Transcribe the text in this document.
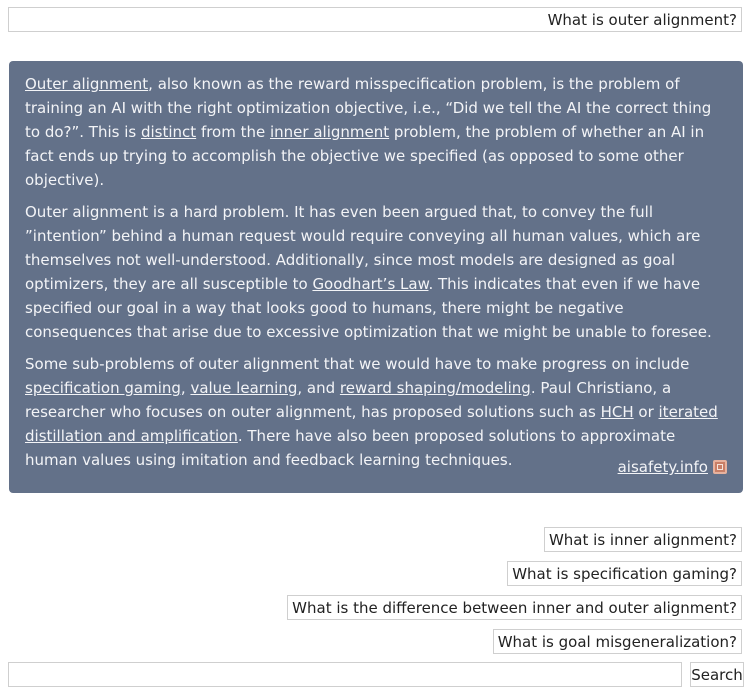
What is outer alignment?

Outer alignment, also known as the reward misspecification problem, is the problem of training an AI with the right optimization objective, i.e., “Did we tell the AI the correct thing to do?”. This is distinct from the inner alignment problem, the problem of whether an AI in fact ends up trying to accomplish the objective we specified (as opposed to some other objective).

Outer alignment is a hard problem. It has even been argued that, to convey the full ”intention” behind a human request would require conveying all human values, which are themselves not well-understood. Additionally, since most models are designed as goal optimizers, they are all susceptible to Goodhart’s Law. This indicates that even if we have specified our goal in a way that looks good to humans, there might be negative consequences that arise due to excessive optimization that we might be unable to foresee.

Some sub-problems of outer alignment that we would have to make progress on include specification gaming, value learning, and reward shaping/modeling. Paul Christiano, a researcher who focuses on outer alignment, has proposed solutions such as HCH or iterated distillation and amplification. There have also been proposed solutions to approximate human values using imitation and feedback learning techniques.	aisafety.info
What is inner alignment?
What is specification gaming?
What is the difference between inner and outer alignment?
What is goal misgeneralization?
Search
